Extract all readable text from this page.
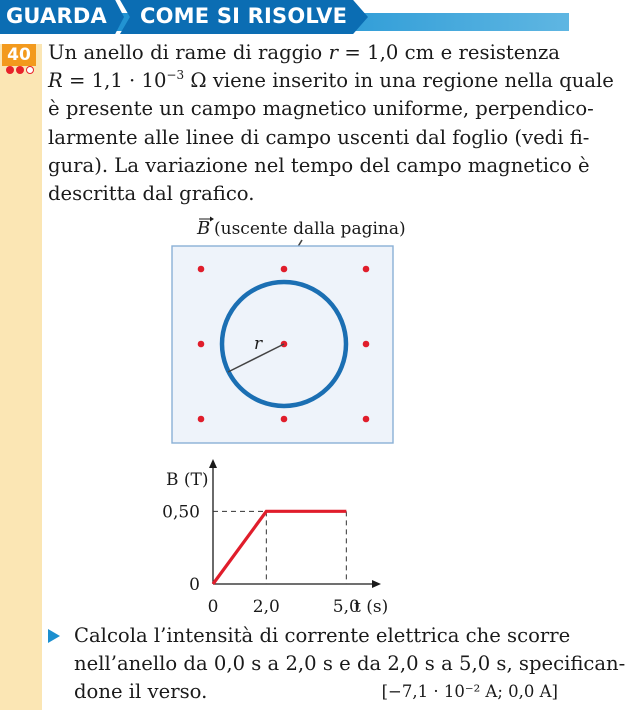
GUARDA COME SI RISOLVE
40 Un anello di rame di raggio r = 1,0 cm e resistenza
$R = 1,1 \cdot 10^{-3}$ Ω viene inserito in una regione nella quale
è presente un campo magnetico uniforme, perpendico-
larmente alle linee di campo uscenti dal foglio (vedi fi-
gura). La variazione nel tempo del campo magnetico è
descritta dal grafico.
B (uscente dalla pagina)
r
B (T)
t (s)
0
0,50
0 2,0	5,0
Calcola l’intensità di corrente elettrica che scorre
nell’anello da 0,0 s a 2,0 s e da 2,0 s a 5,0 s, specifican-
done il verso.	[−7,1 · 10⁻² A; 0,0 A]
